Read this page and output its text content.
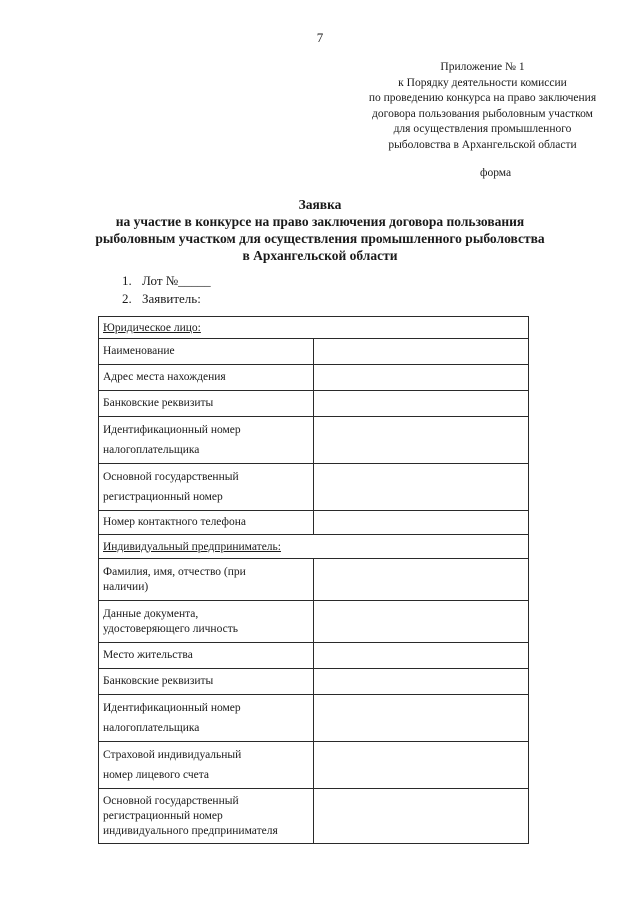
7
Приложение № 1
к Порядку деятельности комиссии
по проведению конкурса на право заключения
договора пользования рыболовным участком
для осуществления промышленного
рыболовства в Архангельской области
форма
Заявка
на участие в конкурсе на право заключения договора пользования
рыболовным участком для осуществления промышленного рыболовства
в Архангельской области
1. Лот №_____
2. Заявитель:
Юридическое лицо:	

Наименование	

Адрес места нахождения	

Банковские реквизиты	

Идентификационный номер
налогоплательщика	

Основной государственный
регистрационный номер	

Номер контактного телефона	

Индивидуальный предприниматель:	

Фамилия, имя, отчество (при
наличии)	

Данные документа,
удостоверяющего личность	

Место жительства	

Банковские реквизиты	

Идентификационный номер
налогоплательщика	

Страховой индивидуальный
номер лицевого счета	

Основной государственный
регистрационный номер
индивидуального предпринимателя	
